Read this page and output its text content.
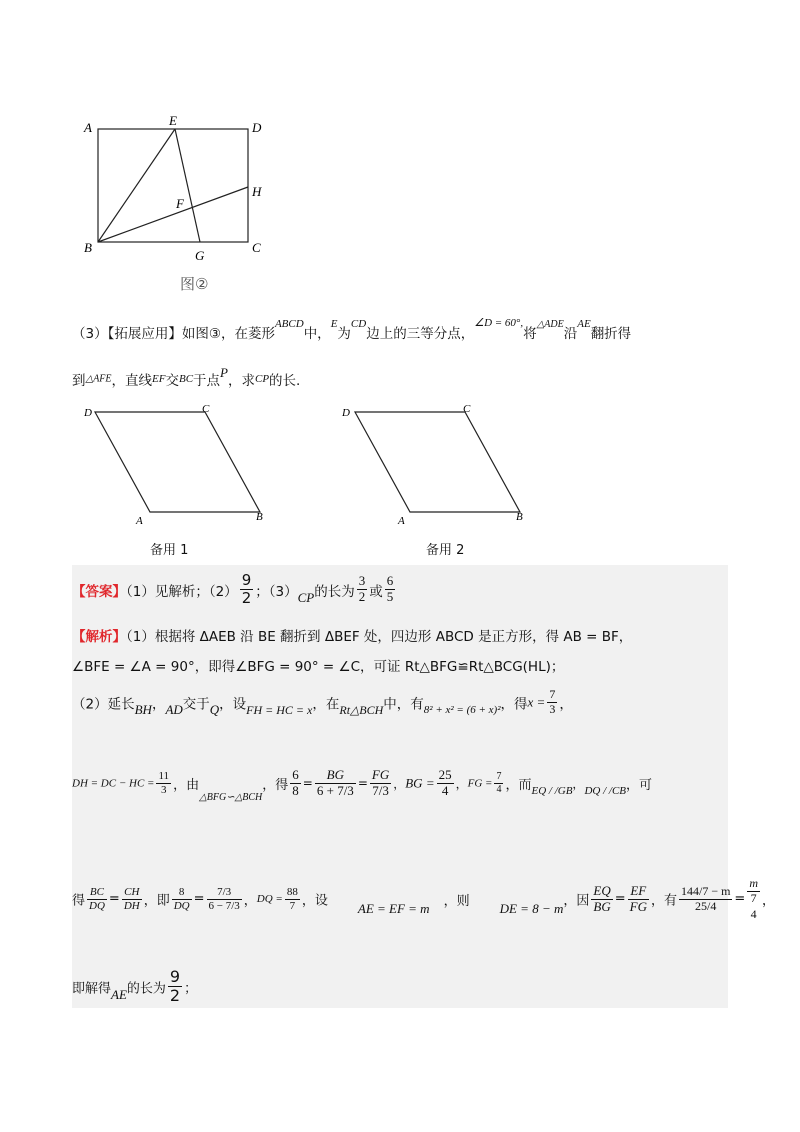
A	E	D
H
F
B
G
C
图②
（3）【拓展应用】如图③，在菱形$^{ABCD}$中，$^E$为$^{CD}$边上的三等分点，$^{\angle D = 60^\circ,}$将$^{\triangle ADE}$沿$^{AE}$翻折得
到△AFE，直线EF交BC于点P，求CP的长.
D	C
A	B
备用 1
D	C
A	B
备用 2
【答案】（1）见解析；$(2) \frac{9}{2}$ ；（3）CP的长为 $\frac{3}{2}$ 或 $\frac{6}{5}$
【解析】（1）根据将 ΔAEB 沿 BE 翻折到 ΔBEF 处，四边形 ABCD 是正方形，得 AB = BF，
∠BFE = ∠A = 90°，即得∠BFG = 90° = ∠C，可证 Rt△BFG≌Rt△BCG(HL)；
（2）延长BH，AD交于Q，设FH = HC = x，在Rt△BCH中，有$_{8^2 + x^2 = (6 + x)^2}$，得$x = \frac{7}{3}$ ，
DH = DC − HC = $\frac{11}{3}$ ，由$_{\triangle BFG∽\triangle BCH}$，得 $\frac{6}{8} = \frac{BG}{6 + 7/3} = \frac{FG}{7/3}$ ，BG = $\frac{25}{4}$ ，FG = $\frac{7}{4}$ ，而EQ / /GB，DQ / /CB，可
得 $\frac{BC}{DQ} = \frac{CH}{DH}$ ，即 $\frac{8}{DQ} = \frac{7/3}{6 - 7/3}$ ，DQ = $\frac{88}{7}$ ，设 AE = EF = m ，则 DE = 8 − m，因 $\frac{EQ}{BG} = \frac{EF}{FG}$ ，有 $\frac{144/7 - m}{25/4}$ =
m
7
4，
即解得AE的长为 $\frac{9}{2}$ ；
